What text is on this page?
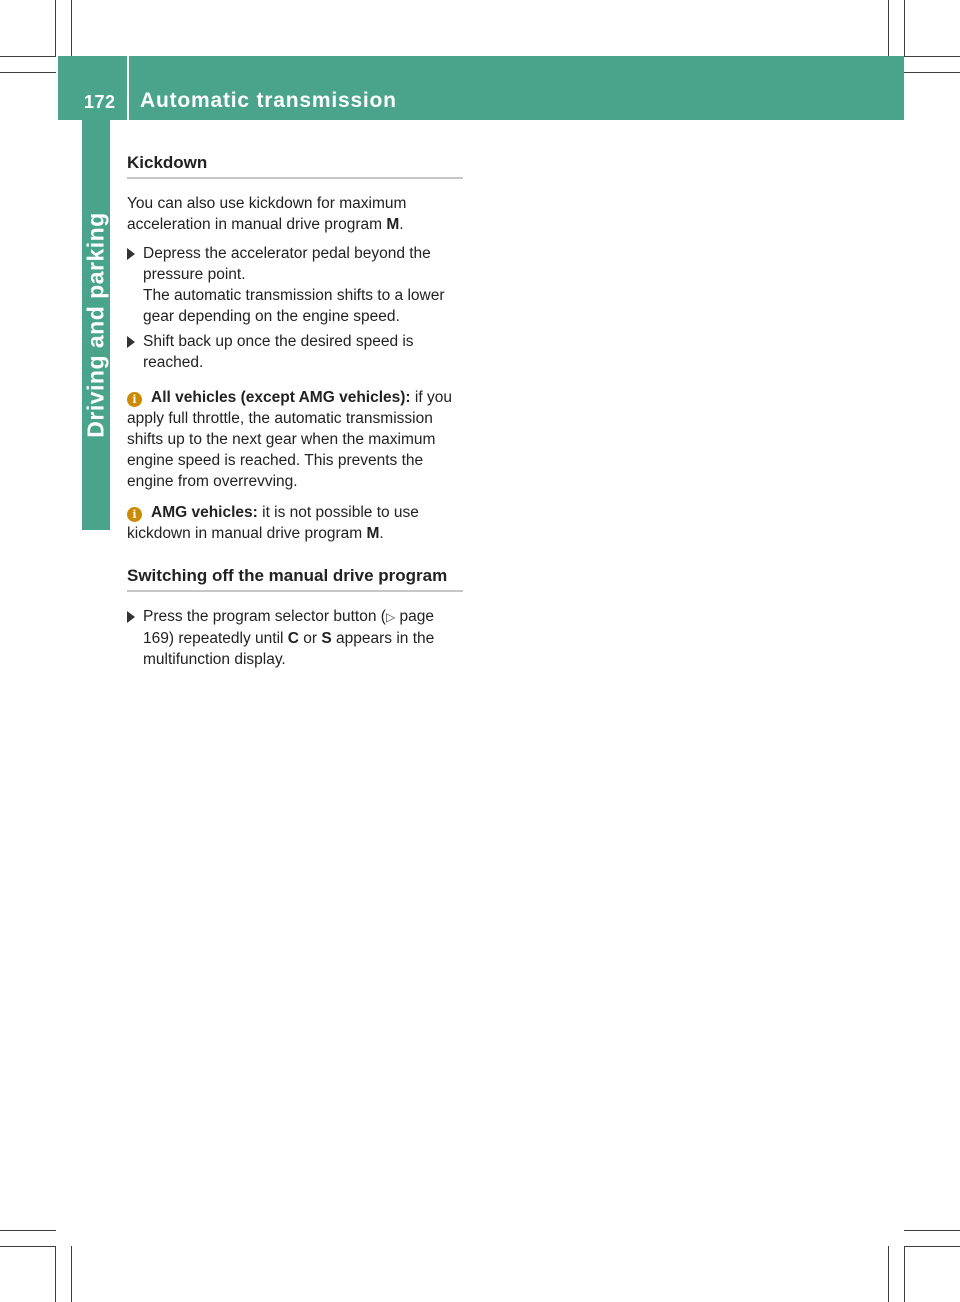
172 Automatic transmission
Driving and parking
Kickdown

You can also use kickdown for maximum acceleration in manual drive program M.

Depress the accelerator pedal beyond the pressure point.
The automatic transmission shifts to a lower gear depending on the engine speed.
Shift back up once the desired speed is reached.
i All vehicles (except AMG vehicles): if you apply full throttle, the automatic transmission shifts up to the next gear when the maximum engine speed is reached. This prevents the engine from overrevving.
i AMG vehicles: it is not possible to use kickdown in manual drive program M.
Switching off the manual drive program
Press the program selector button (▷ page 169) repeatedly until C or S appears in the multifunction display.
